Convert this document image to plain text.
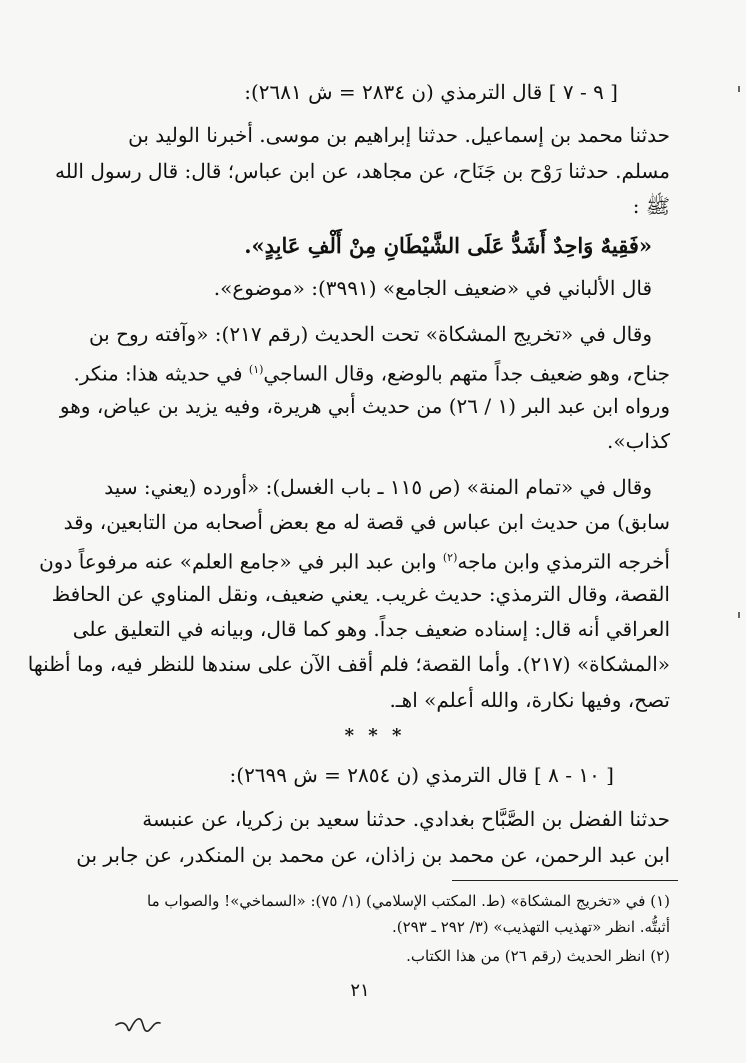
[ ٩ - ٧ ] قال الترمذي (ن ٢٨٣٤ = ش ٢٦٨١):
حدثنا محمد بن إسماعيل. حدثنا إبراهيم بن موسى. أخبرنا الوليد بن
مسلم. حدثنا رَوْح بن جَنَاح، عن مجاهد، عن ابن عباس؛ قال: قال رسول الله
ﷺ :
«فَقِيهٌ وَاحِدٌ أَشَدُّ عَلَى الشَّيْطَانِ مِنْ أَلْفِ عَابِدٍ».
قال الألباني في «ضعيف الجامع» (٣٩٩١): «موضوع».
وقال في «تخريج المشكاة» تحت الحديث (رقم ٢١٧): «وآفته روح بن
جناح، وهو ضعيف جداً متهم بالوضع، وقال الساجي$^{(١)}$ في حديثه هذا: منكر.
ورواه ابن عبد البر (١ / ٢٦) من حديث أبي هريرة، وفيه يزيد بن عياض، وهو
كذاب».
وقال في «تمام المنة» (ص ١١٥ ـ باب الغسل): «أورده (يعني: سيد
سابق) من حديث ابن عباس في قصة له مع بعض أصحابه من التابعين، وقد
أخرجه الترمذي وابن ماجه$^{(٢)}$ وابن عبد البر في «جامع العلم» عنه مرفوعاً دون
القصة، وقال الترمذي: حديث غريب. يعني ضعيف، ونقل المناوي عن الحافظ
العراقي أنه قال: إسناده ضعيف جداً. وهو كما قال، وبيانه في التعليق على
«المشكاة» (٢١٧). وأما القصة؛ فلم أقف الآن على سندها للنظر فيه، وما أظنها
تصح، وفيها نكارة، والله أعلم» اهـ.
* * *
[ ١٠ - ٨ ] قال الترمذي (ن ٢٨٥٤ = ش ٢٦٩٩):
حدثنا الفضل بن الصَّبَّاح بغدادي. حدثنا سعيد بن زكريا، عن عنبسة
ابن عبد الرحمن، عن محمد بن زاذان، عن محمد بن المنكدر، عن جابر بن
(١) في «تخريج المشكاة» (ط. المكتب الإسلامي) (١/ ٧٥): «السماخي»! والصواب ما
أثبتُّه. انظر «تهذيب التهذيب» (٣/ ٢٩٢ ـ ٢٩٣).
(٢) انظر الحديث (رقم ٢٦) من هذا الكتاب.
٢١
